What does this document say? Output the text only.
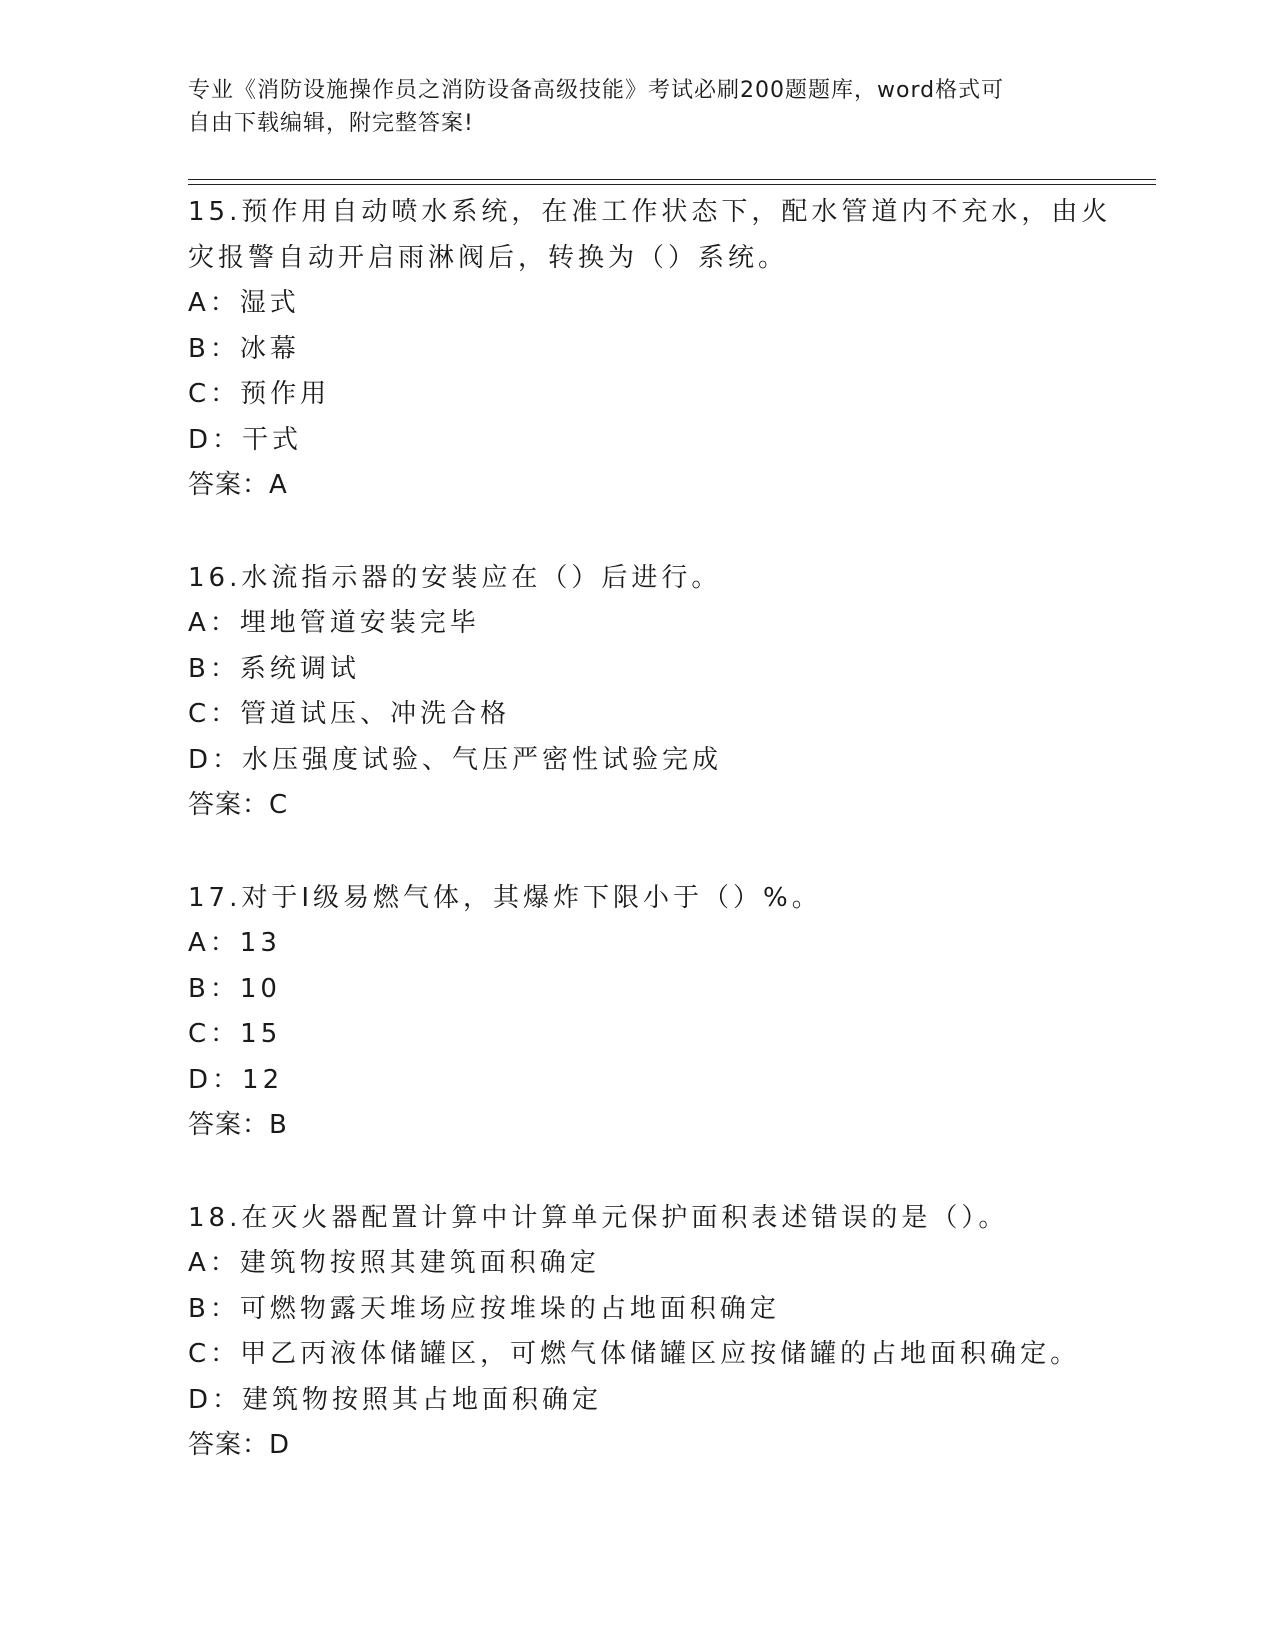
专业《消防设施操作员之消防设备高级技能》考试必刷200题题库，word格式可
自由下载编辑，附完整答案!
15.预作用自动喷水系统，在准工作状态下，配水管道内不充水，由火
灾报警自动开启雨淋阀后，转换为（）系统。
A：湿式
B：冰幕
C：预作用
D：干式
答案：A
16.水流指示器的安装应在（）后进行。
A：埋地管道安装完毕
B：系统调试
C：管道试压、冲洗合格
D：水压强度试验、气压严密性试验完成
答案：C
17.对于Ⅰ级易燃气体，其爆炸下限小于（）%。
A：13
B：10
C：15
D：12
答案：B
18.在灭火器配置计算中计算单元保护面积表述错误的是（）。
A：建筑物按照其建筑面积确定
B：可燃物露天堆场应按堆垛的占地面积确定
C：甲乙丙液体储罐区，可燃气体储罐区应按储罐的占地面积确定。
D：建筑物按照其占地面积确定
答案：D
